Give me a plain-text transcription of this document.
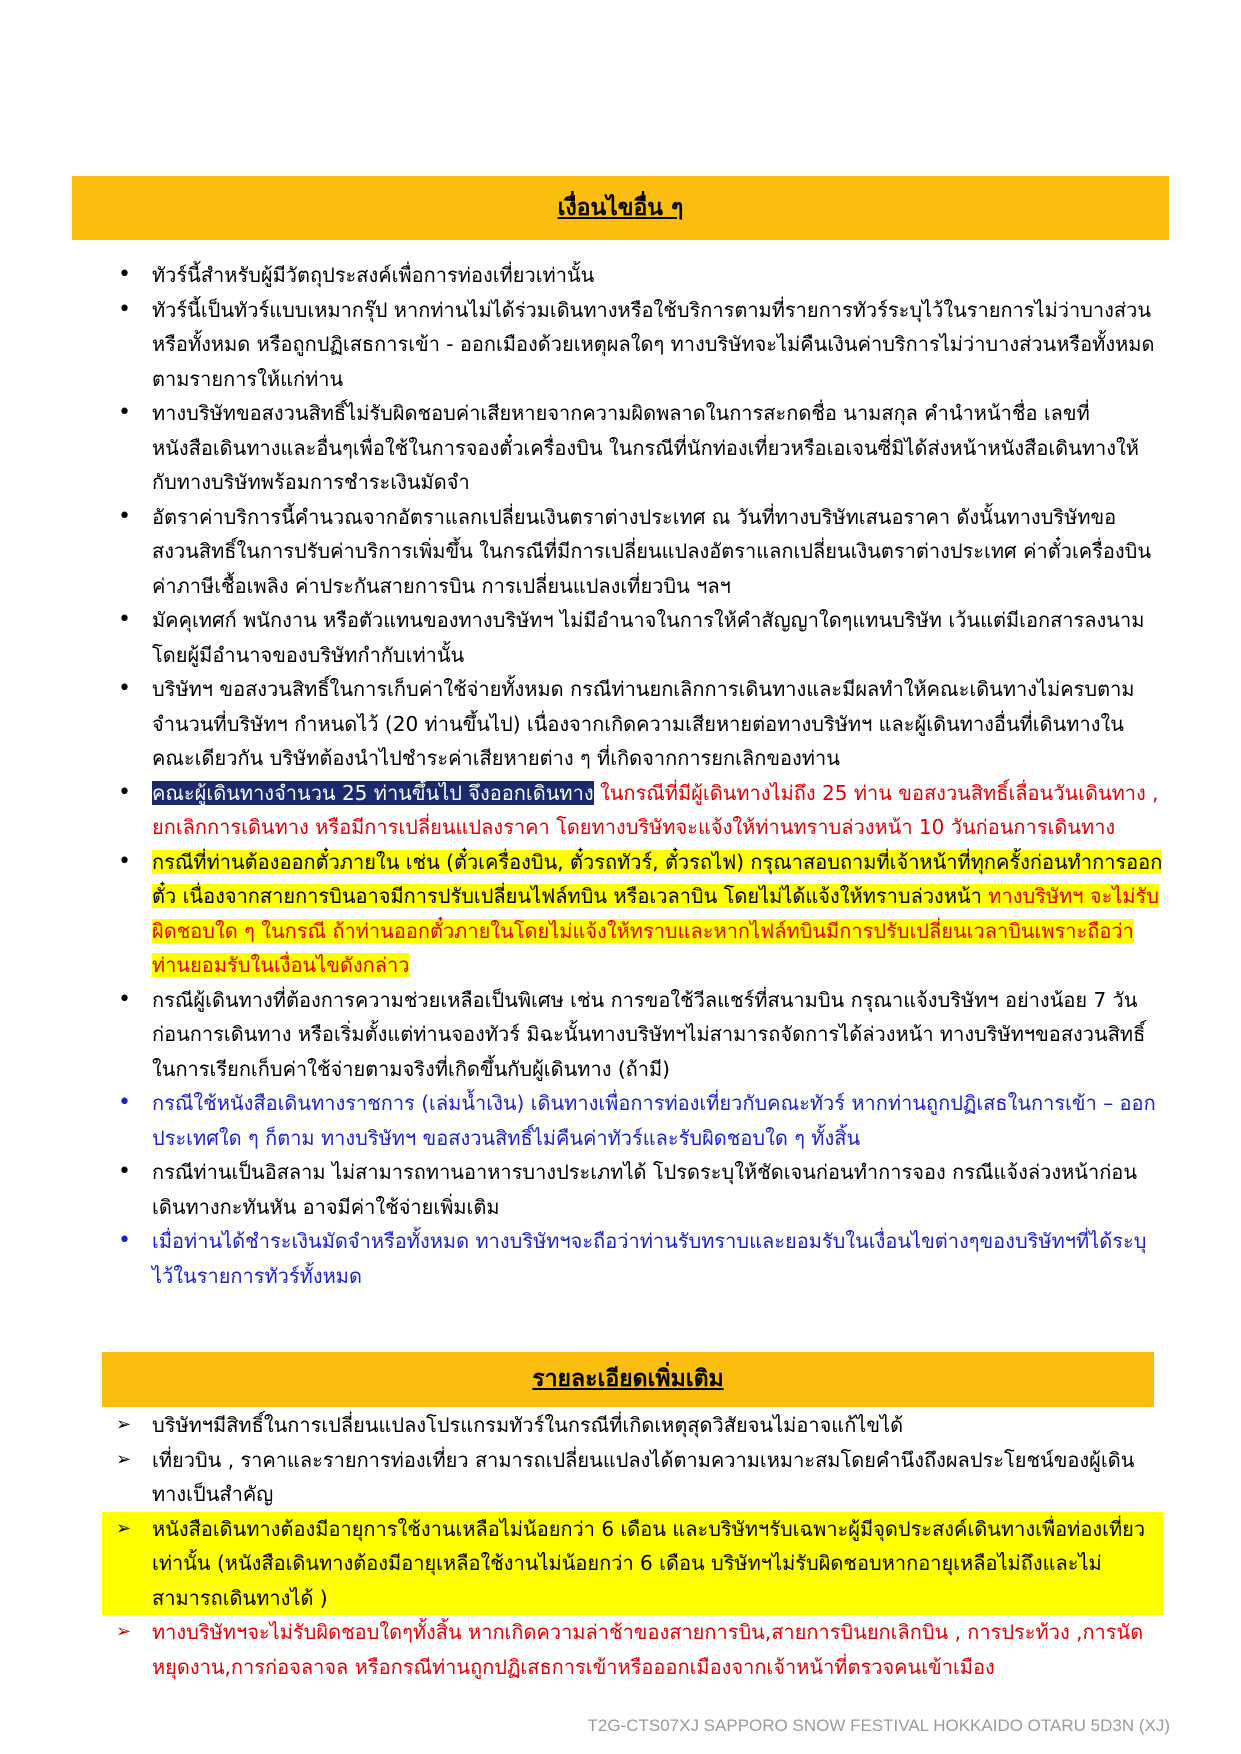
เงื่อนไขอื่น ๆ
• ทัวร์นี้สำหรับผู้มีวัตถุประสงค์เพื่อการท่องเที่ยวเท่านั้น
• ทัวร์นี้เป็นทัวร์แบบเหมากรุ๊ป หากท่านไม่ได้ร่วมเดินทางหรือใช้บริการตามที่รายการทัวร์ระบุไว้ในรายการไม่ว่าบางส่วนหรือทั้งหมด หรือถูกปฏิเสธการเข้า - ออกเมืองด้วยเหตุผลใดๆ ทางบริษัทจะไม่คืนเงินค่าบริการไม่ว่าบางส่วนหรือทั้งหมดตามรายการให้แก่ท่าน
• ทางบริษัทขอสงวนสิทธิ์ไม่รับผิดชอบค่าเสียหายจากความผิดพลาดในการสะกดชื่อ นามสกุล คำนำหน้าชื่อ เลขที่หนังสือเดินทางและอื่นๆเพื่อใช้ในการจองตั๋วเครื่องบิน ในกรณีที่นักท่องเที่ยวหรือเอเจนซี่มิได้ส่งหน้าหนังสือเดินทางให้กับทางบริษัทพร้อมการชำระเงินมัดจำ
• อัตราค่าบริการนี้คำนวณจากอัตราแลกเปลี่ยนเงินตราต่างประเทศ ณ วันที่ทางบริษัทเสนอราคา ดังนั้นทางบริษัทขอสงวนสิทธิ์ในการปรับค่าบริการเพิ่มขึ้น ในกรณีที่มีการเปลี่ยนแปลงอัตราแลกเปลี่ยนเงินตราต่างประเทศ ค่าตั๋วเครื่องบิน ค่าภาษีเชื้อเพลิง ค่าประกันสายการบิน การเปลี่ยนแปลงเที่ยวบิน ฯลฯ
• มัคคุเทศก์ พนักงาน หรือตัวแทนของทางบริษัทฯ ไม่มีอำนาจในการให้คำสัญญาใดๆแทนบริษัท เว้นแต่มีเอกสารลงนามโดยผู้มีอำนาจของบริษัทกำกับเท่านั้น
• บริษัทฯ ขอสงวนสิทธิ์ในการเก็บค่าใช้จ่ายทั้งหมด กรณีท่านยกเลิกการเดินทางและมีผลทำให้คณะเดินทางไม่ครบตามจำนวนที่บริษัทฯ กำหนดไว้ (20 ท่านขึ้นไป) เนื่องจากเกิดความเสียหายต่อทางบริษัทฯ และผู้เดินทางอื่นที่เดินทางในคณะเดียวกัน บริษัทต้องนำไปชำระค่าเสียหายต่าง ๆ ที่เกิดจากการยกเลิกของท่าน
• คณะผู้เดินทางจำนวน 25 ท่านขึ้นไป จึงออกเดินทาง ในกรณีที่มีผู้เดินทางไม่ถึง 25 ท่าน ขอสงวนสิทธิ์เลื่อนวันเดินทาง , ยกเลิกการเดินทาง หรือมีการเปลี่ยนแปลงราคา โดยทางบริษัทจะแจ้งให้ท่านทราบล่วงหน้า 10 วันก่อนการเดินทาง
• กรณีที่ท่านต้องออกตั๋วภายใน เช่น (ตั๋วเครื่องบิน, ตั๋วรถทัวร์, ตั๋วรถไฟ) กรุณาสอบถามที่เจ้าหน้าที่ทุกครั้งก่อนทำการออกตั๋ว เนื่องจากสายการบินอาจมีการปรับเปลี่ยนไฟล์ทบิน หรือเวลาบิน โดยไม่ได้แจ้งให้ทราบล่วงหน้า ทางบริษัทฯ จะไม่รับผิดชอบใด ๆ ในกรณี ถ้าท่านออกตั๋วภายในโดยไม่แจ้งให้ทราบและหากไฟล์ทบินมีการปรับเปลี่ยนเวลาบินเพราะถือว่าท่านยอมรับในเงื่อนไขดังกล่าว
• กรณีผู้เดินทางที่ต้องการความช่วยเหลือเป็นพิเศษ เช่น การขอใช้วีลแชร์ที่สนามบิน กรุณาแจ้งบริษัทฯ อย่างน้อย 7 วันก่อนการเดินทาง หรือเริ่มตั้งแต่ท่านจองทัวร์ มิฉะนั้นทางบริษัทฯไม่สามารถจัดการได้ล่วงหน้า ทางบริษัทฯขอสงวนสิทธิ์ในการเรียกเก็บค่าใช้จ่ายตามจริงที่เกิดขึ้นกับผู้เดินทาง (ถ้ามี)
• กรณีใช้หนังสือเดินทางราชการ (เล่มน้ำเงิน) เดินทางเพื่อการท่องเที่ยวกับคณะทัวร์ หากท่านถูกปฏิเสธในการเข้า – ออกประเทศใด ๆ ก็ตาม ทางบริษัทฯ ขอสงวนสิทธิ์ไม่คืนค่าทัวร์และรับผิดชอบใด ๆ ทั้งสิ้น
• กรณีท่านเป็นอิสลาม ไม่สามารถทานอาหารบางประเภทได้ โปรดระบุให้ชัดเจนก่อนทำการจอง กรณีแจ้งล่วงหน้าก่อนเดินทางกะทันหัน อาจมีค่าใช้จ่ายเพิ่มเติม
• เมื่อท่านได้ชำระเงินมัดจำหรือทั้งหมด ทางบริษัทฯจะถือว่าท่านรับทราบและยอมรับในเงื่อนไขต่างๆของบริษัทฯที่ได้ระบุไว้ในรายการทัวร์ทั้งหมด
รายละเอียดเพิ่มเติม
➢ บริษัทฯมีสิทธิ์ในการเปลี่ยนแปลงโปรแกรมทัวร์ในกรณีที่เกิดเหตุสุดวิสัยจนไม่อาจแก้ไขได้
➢ เที่ยวบิน , ราคาและรายการท่องเที่ยว สามารถเปลี่ยนแปลงได้ตามความเหมาะสมโดยคำนึงถึงผลประโยชน์ของผู้เดินทางเป็นสำคัญ
➢ หนังสือเดินทางต้องมีอายุการใช้งานเหลือไม่น้อยกว่า 6 เดือน และบริษัทฯรับเฉพาะผู้มีจุดประสงค์เดินทางเพื่อท่องเที่ยวเท่านั้น (หนังสือเดินทางต้องมีอายุเหลือใช้งานไม่น้อยกว่า 6 เดือน บริษัทฯไม่รับผิดชอบหากอายุเหลือไม่ถึงและไม่สามารถเดินทางได้ )
➢ ทางบริษัทฯจะไม่รับผิดชอบใดๆทั้งสิ้น หากเกิดความล่าช้าของสายการบิน,สายการบินยกเลิกบิน , การประท้วง ,การนัดหยุดงาน,การก่อจลาจล หรือกรณีท่านถูกปฏิเสธการเข้าหรือออกเมืองจากเจ้าหน้าที่ตรวจคนเข้าเมือง
T2G-CTS07XJ SAPPORO SNOW FESTIVAL HOKKAIDO OTARU 5D3N (XJ)
